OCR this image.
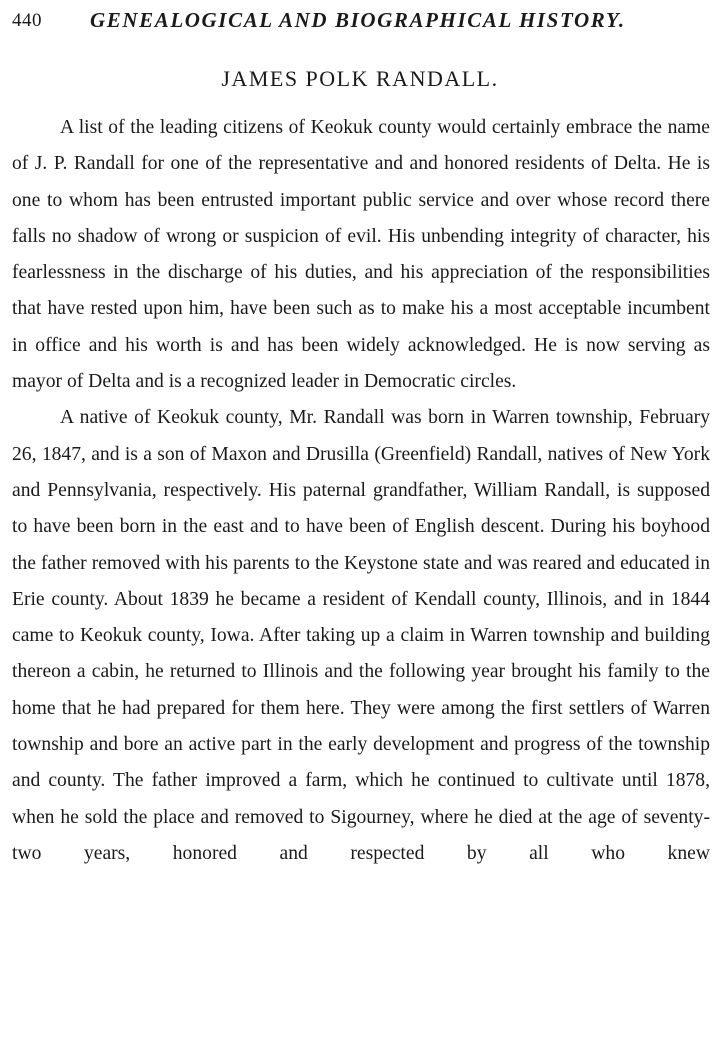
440 GENEALOGICAL AND BIOGRAPHICAL HISTORY.
JAMES POLK RANDALL.

A list of the leading citizens of Keokuk county would certainly embrace the name of J. P. Randall for one of the representative and and honored residents of Delta. He is one to whom has been entrusted important public service and over whose record there falls no shadow of wrong or suspicion of evil. His unbending integrity of character, his fearlessness in the discharge of his duties, and his appreciation of the responsibilities that have rested upon him, have been such as to make his a most acceptable incumbent in office and his worth is and has been widely acknowledged. He is now serving as mayor of Delta and is a recognized leader in Democratic circles.

A native of Keokuk county, Mr. Randall was born in Warren township, February 26, 1847, and is a son of Maxon and Drusilla (Greenfield) Randall, natives of New York and Pennsylvania, respectively. His paternal grandfather, William Randall, is supposed to have been born in the east and to have been of English descent. During his boyhood the father removed with his parents to the Keystone state and was reared and educated in Erie county. About 1839 he became a resident of Kendall county, Illinois, and in 1844 came to Keokuk county, Iowa. After taking up a claim in Warren township and building thereon a cabin, he returned to Illinois and the following year brought his family to the home that he had prepared for them here. They were among the first settlers of Warren township and bore an active part in the early development and progress of the township and county. The father improved a farm, which he continued to cultivate until 1878, when he sold the place and removed to Sigourney, where he died at the age of seventy-two years, honored and respected by all who knew
